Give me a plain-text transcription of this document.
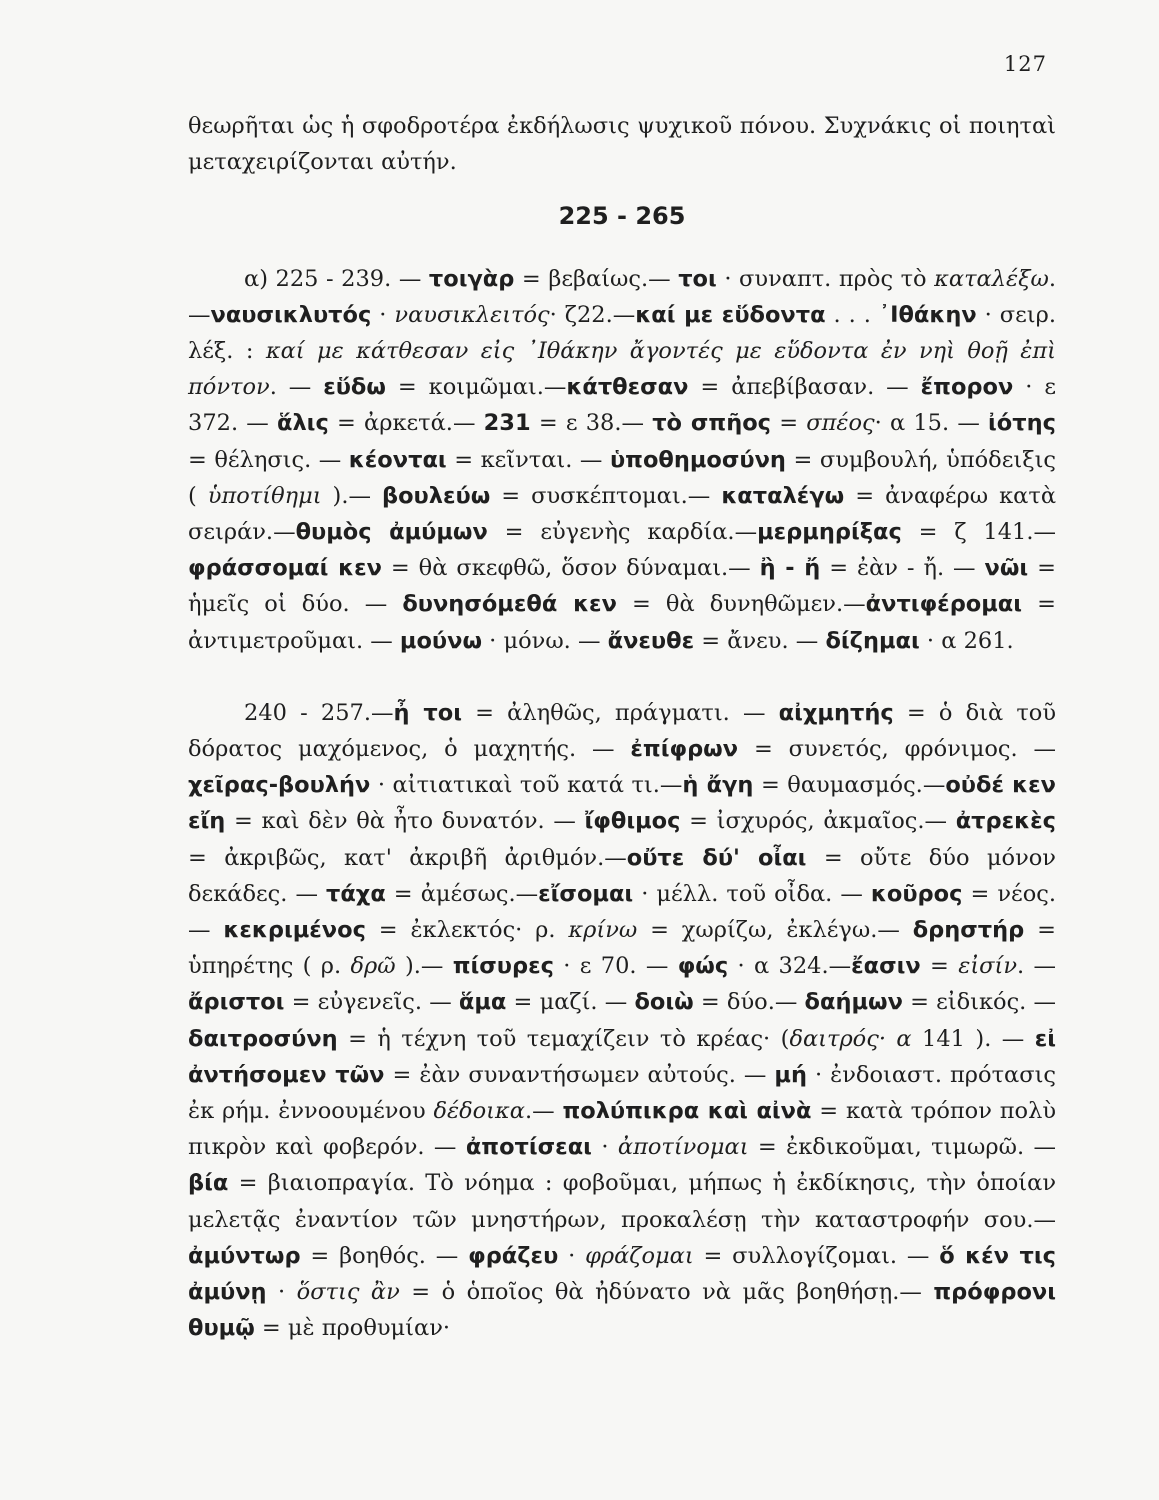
127

θεωρῆται ὡς ἡ σφοδροτέρα ἐκδήλωσις ψυχικοῦ πόνου. Συχνάκις οἱ ποιηταὶ μεταχειρίζονται αὐτήν.

225 - 265

α) 225 - 239. — τοιγὰρ = βεβαίως.— τοι · συναπτ. πρὸς τὸ καταλέξω.—ναυσικλυτός · ναυσικλειτός· ζ22.—καί με εὕδοντα . . . ᾿Ιθάκην · σειρ. λέξ. : καί με κάτθεσαν εἰς ᾿Ιθάκην ἄγοντές με εὕδοντα ἐν νηὶ θοῇ ἐπὶ πόντον. — εὕδω = κοιμῶμαι.—κάτθεσαν = ἀπεβίβασαν. — ἔπορον · ε 372. — ἅλις = ἀρκετά.— 231 = ε 38.— τὸ σπῆος = σπέος· α 15. — ἰότης = θέλησις. — κέονται = κεῖνται. — ὑποθημοσύνη = συμβουλή, ὑπόδειξις ( ὑποτίθημι ).— βουλεύω = συσκέπτομαι.— καταλέγω = ἀναφέρω κατὰ σειράν.—θυμὸς ἀμύμων = εὐγενὴς καρδία.—μερμηρίξας = ζ 141.— φράσσομαί κεν = θὰ σκεφθῶ, ὅσον δύναμαι.— ἢ - ἤ = ἐὰν - ἤ. — νῶι = ἡμεῖς οἱ δύο. — δυνησόμεθά κεν = θὰ δυνηθῶμεν.—ἀντιφέρομαι = ἀντιμετροῦμαι. — μούνω · μόνω. — ἄνευθε = ἄνευ. — δίζημαι · α 261.

240 - 257.—ἦ τοι = ἀληθῶς, πράγματι. — αἰχμητής = ὁ διὰ τοῦ δόρατος μαχόμενος, ὁ μαχητής. — ἐπίφρων = συνετός, φρόνιμος. — χεῖρας-βουλήν · αἰτιατικαὶ τοῦ κατά τι.—ἡ ἄγη = θαυμασμός.—οὐδέ κεν εἴη = καὶ δὲν θὰ ἦτο δυνατόν. — ἴφθιμος = ἰσχυρός, ἀκμαῖος.— ἀτρεκὲς = ἀκριβῶς, κατ' ἀκριβῆ ἀριθμόν.—οὔτε δύ' οἶαι = οὔτε δύο μόνον δεκάδες. — τάχα = ἀμέσως.—εἴσομαι · μέλλ. τοῦ οἶδα. — κοῦρος = νέος. — κεκριμένος = ἐκλεκτός· ρ. κρίνω = χωρίζω, ἐκλέγω.— δρηστήρ = ὑπηρέτης ( ρ. δρῶ ).— πίσυρες · ε 70. — φώς · α 324.—ἔασιν = εἰσίν. — ἄριστοι = εὐγενεῖς. — ἅμα = μαζί. — δοιὼ = δύο.— δαήμων = εἰδικός. — δαιτροσύνη = ἡ τέχνη τοῦ τεμαχίζειν τὸ κρέας· (δαιτρός· α 141 ). — εἰ ἀντήσομεν τῶν = ἐὰν συναντήσωμεν αὐτούς. — μή · ἐνδοιαστ. πρότασις ἐκ ρήμ. ἐννοουμένου δέδοικα.— πολύπικρα καὶ αἰνὰ = κατὰ τρόπον πολὺ πικρὸν καὶ φοβερόν. — ἀποτίσεαι · ἀποτίνομαι = ἐκδικοῦμαι, τιμωρῶ. — βία = βιαιοπραγία. Τὸ νόημα : φοβοῦμαι, μήπως ἡ ἐκδίκησις, τὴν ὁποίαν μελετᾷς ἐναντίον τῶν μνηστήρων, προκαλέσῃ τὴν καταστροφήν σου.— ἀμύντωρ = βοηθός. — φράζευ · φράζομαι = συλλογίζομαι. — ὅ κέν τις ἀμύνῃ · ὅστις ἂν = ὁ ὁποῖος θὰ ἠδύνατο νὰ μᾶς βοηθήσῃ.— πρόφρονι θυμῷ = μὲ προθυμίαν·
